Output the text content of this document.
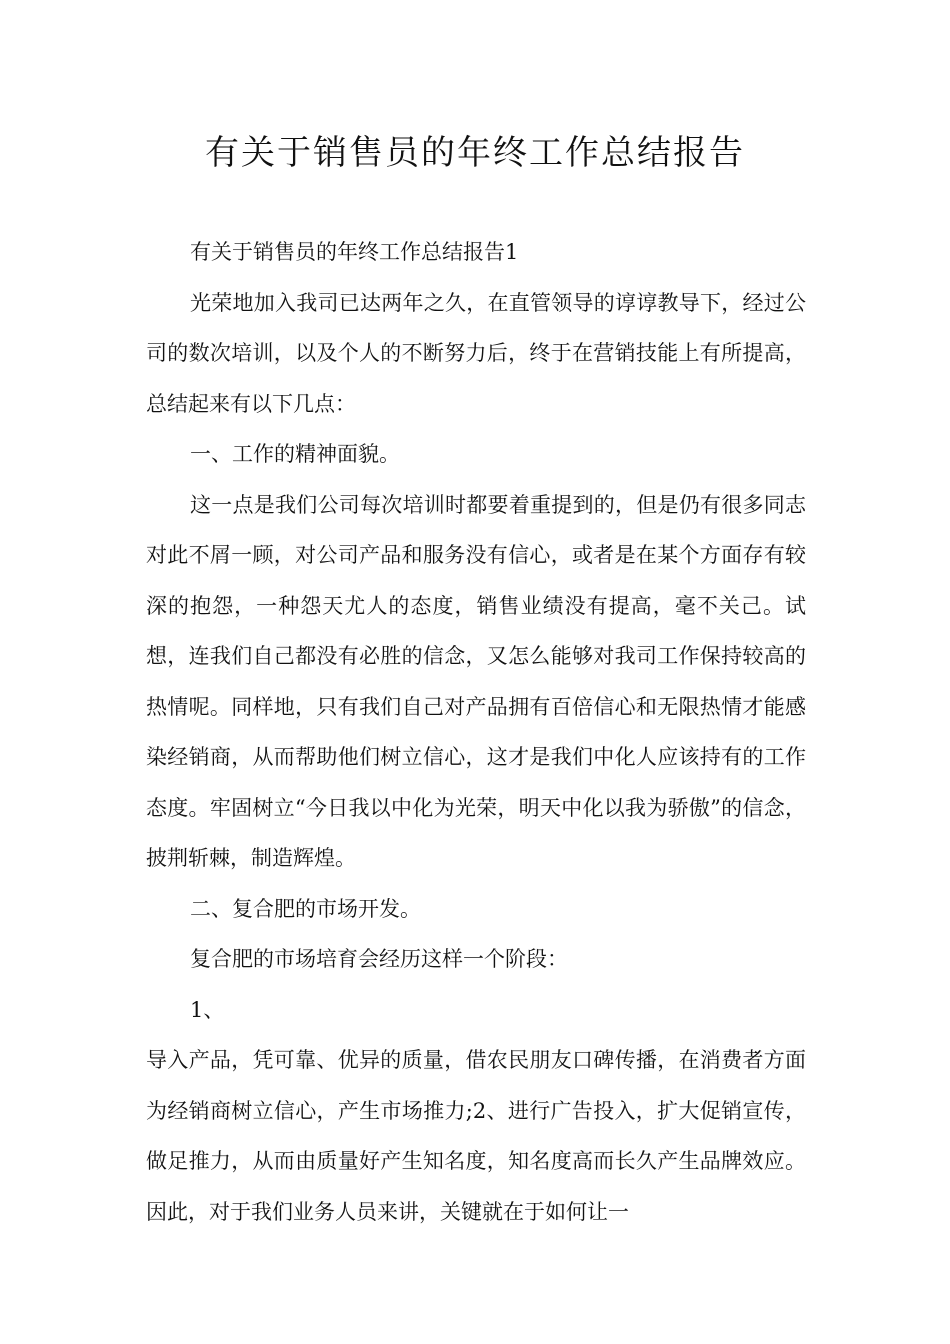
有关于销售员的年终工作总结报告

有关于销售员的年终工作总结报告1

光荣地加入我司已达两年之久，在直管领导的谆谆教导下，经过公司的数次培训，以及个人的不断努力后，终于在营销技能上有所提高，总结起来有以下几点：

一、工作的精神面貌。

这一点是我们公司每次培训时都要着重提到的，但是仍有很多同志对此不屑一顾，对公司产品和服务没有信心，或者是在某个方面存有较深的抱怨，一种怨天尤人的态度，销售业绩没有提高，毫不关己。试想，连我们自己都没有必胜的信念，又怎么能够对我司工作保持较高的热情呢。同样地，只有我们自己对产品拥有百倍信心和无限热情才能感染经销商，从而帮助他们树立信心，这才是我们中化人应该持有的工作态度。牢固树立“今日我以中化为光荣，明天中化以我为骄傲”的信念，披荆斩棘，制造辉煌。

二、复合肥的市场开发。

复合肥的市场培育会经历这样一个阶段：

1、

导入产品，凭可靠、优异的质量，借农民朋友口碑传播，在消费者方面为经销商树立信心，产生市场推力;2、进行广告投入，扩大促销宣传，做足推力，从而由质量好产生知名度，知名度高而长久产生品牌效应。因此，对于我们业务人员来讲，关键就在于如何让一
